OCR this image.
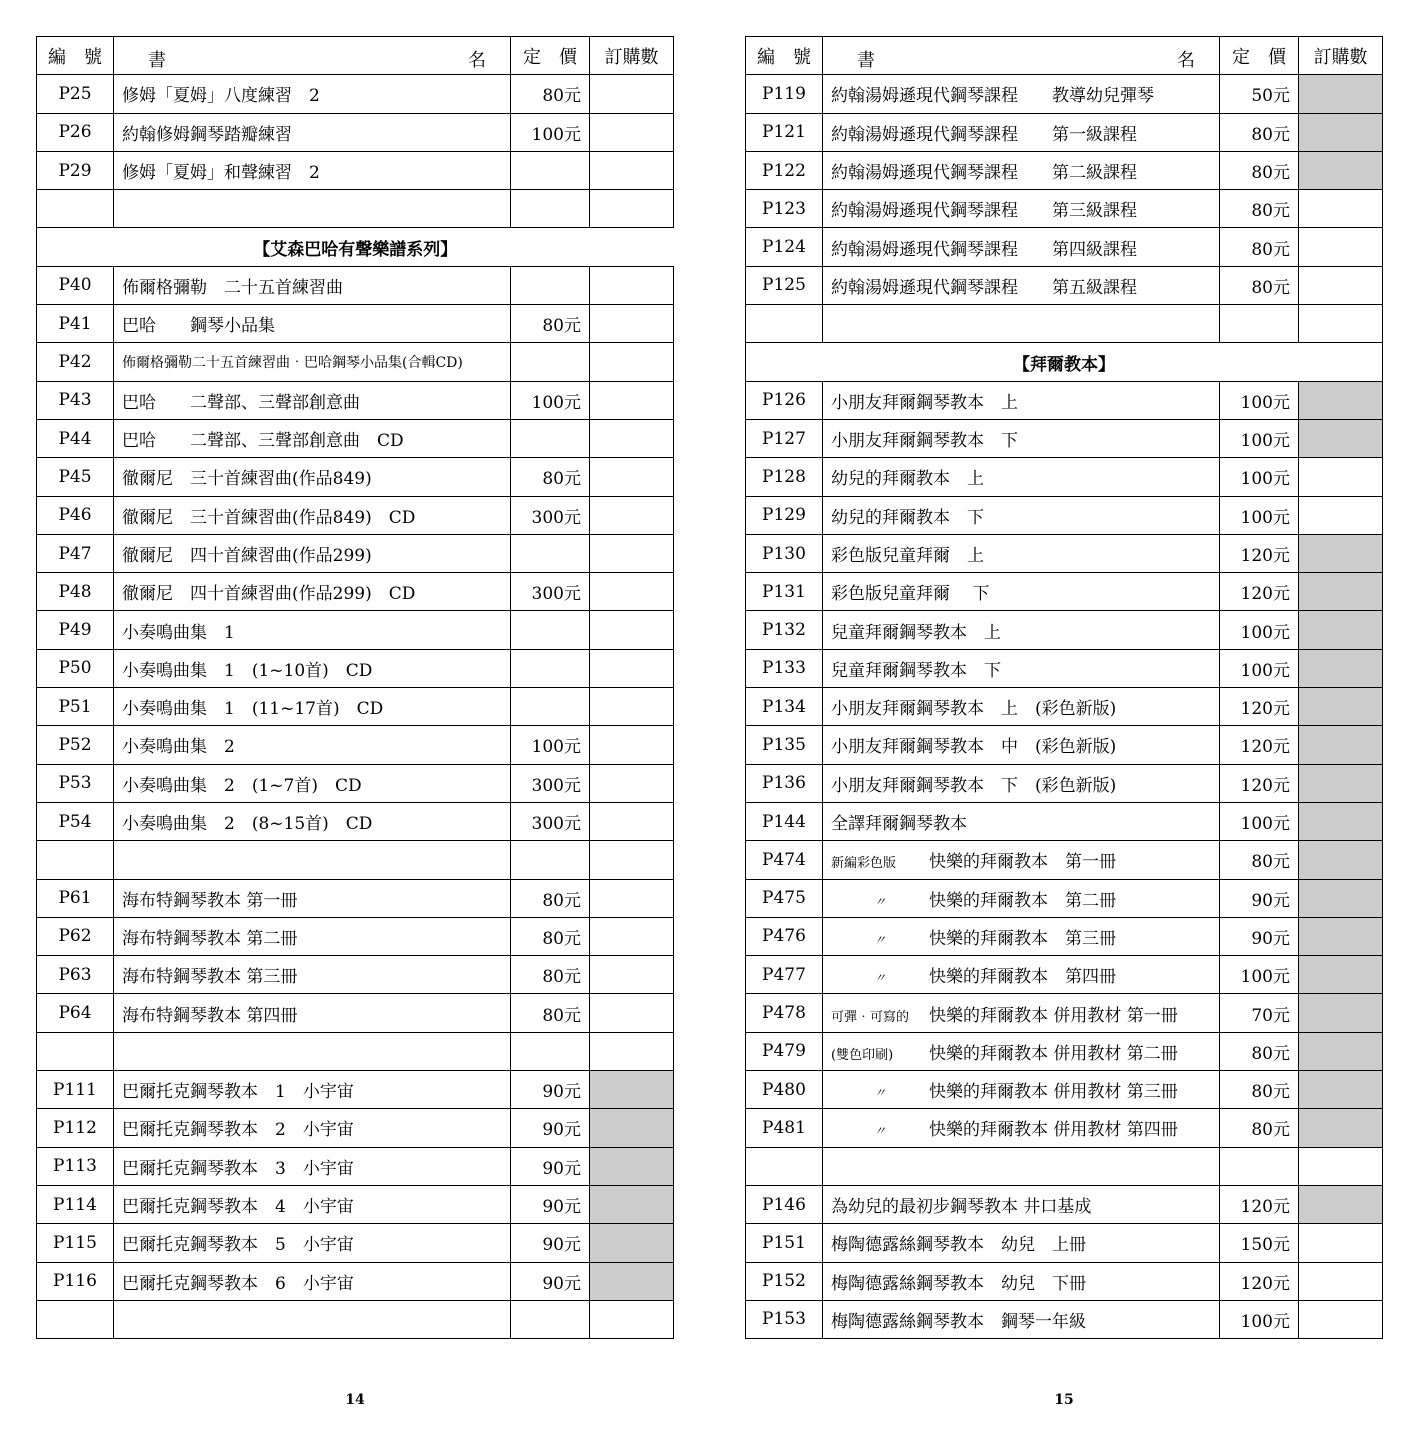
編　號	書 名	定　價	訂購數
P25	修姆「夏姆」八度練習　2	80元	
P26	約翰修姆鋼琴踏瓣練習	100元	
P29	修姆「夏姆」和聲練習　2		

【艾森巴哈有聲樂譜系列】			
P40	佈爾格彌勒　二十五首練習曲		
P41	巴哈　　鋼琴小品集	80元	
P42	佈爾格彌勒二十五首練習曲‧巴哈鋼琴小品集(合輯CD)		
P43	巴哈　　二聲部、三聲部創意曲	100元	
P44	巴哈　　二聲部、三聲部創意曲　CD		
P45	徹爾尼　三十首練習曲(作品849)	80元	
P46	徹爾尼　三十首練習曲(作品849)　CD	300元	
P47	徹爾尼　四十首練習曲(作品299)		
P48	徹爾尼　四十首練習曲(作品299)　CD	300元	
P49	小奏鳴曲集　1		
P50	小奏鳴曲集　1　(1~10首)　CD		
P51	小奏鳴曲集　1　(11~17首)　CD		
P52	小奏鳴曲集　2	100元	
P53	小奏鳴曲集　2　(1~7首)　CD	300元	
P54	小奏鳴曲集　2　(8~15首)　CD	300元	

P61	海布特鋼琴教本 第一冊	80元	
P62	海布特鋼琴教本 第二冊	80元	
P63	海布特鋼琴教本 第三冊	80元	
P64	海布特鋼琴教本 第四冊	80元	

P111	巴爾托克鋼琴教本　1　小宇宙	90元	
P112	巴爾托克鋼琴教本　2　小宇宙	90元	
P113	巴爾托克鋼琴教本　3　小宇宙	90元	
P114	巴爾托克鋼琴教本　4　小宇宙	90元	
P115	巴爾托克鋼琴教本　5　小宇宙	90元	
P116	巴爾托克鋼琴教本　6　小宇宙	90元	

14
編　號	書 名	定　價	訂購數
P119	約翰湯姆遜現代鋼琴課程　　教導幼兒彈琴	50元	
P121	約翰湯姆遜現代鋼琴課程　　第一級課程	80元	
P122	約翰湯姆遜現代鋼琴課程　　第二級課程	80元	
P123	約翰湯姆遜現代鋼琴課程　　第三級課程	80元	
P124	約翰湯姆遜現代鋼琴課程　　第四級課程	80元	
P125	約翰湯姆遜現代鋼琴課程　　第五級課程	80元	

【拜爾教本】			
P126	小朋友拜爾鋼琴教本　上	100元	
P127	小朋友拜爾鋼琴教本　下	100元	
P128	幼兒的拜爾教本　上	100元	
P129	幼兒的拜爾教本　下	100元	
P130	彩色版兒童拜爾　上	120元	
P131	彩色版兒童拜爾　 下	120元	
P132	兒童拜爾鋼琴教本　上	100元	
P133	兒童拜爾鋼琴教本　下	100元	
P134	小朋友拜爾鋼琴教本　上　(彩色新版)	120元	
P135	小朋友拜爾鋼琴教本　中　(彩色新版)	120元	
P136	小朋友拜爾鋼琴教本　下　(彩色新版)	120元	
P144	全譯拜爾鋼琴教本	100元	
P474	新編彩色版 快樂的拜爾教本　第一冊	80元	
P475	〃 快樂的拜爾教本　第二冊	90元	
P476	〃 快樂的拜爾教本　第三冊	90元	
P477	〃 快樂的拜爾教本　第四冊	100元	
P478	可彈‧可寫的 快樂的拜爾教本 併用教材 第一冊	70元	
P479	(雙色印刷) 快樂的拜爾教本 併用教材 第二冊	80元	
P480	〃 快樂的拜爾教本 併用教材 第三冊	80元	
P481	〃 快樂的拜爾教本 併用教材 第四冊	80元	

P146	為幼兒的最初步鋼琴教本 井口基成	120元	
P151	梅陶德露絲鋼琴教本　幼兒　上冊	150元	
P152	梅陶德露絲鋼琴教本　幼兒　下冊	120元	
P153	梅陶德露絲鋼琴教本　鋼琴一年級	100元	
15
